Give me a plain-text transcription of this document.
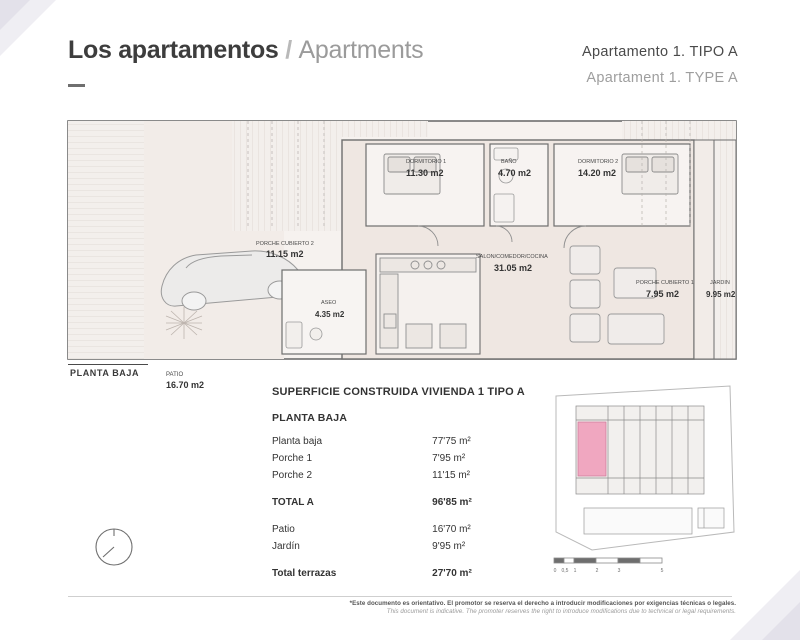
Los apartamentos / Apartments	Apartamento 1. TIPO A
Apartament 1. TYPE A
PATIO
16.70 m2
PORCHE CUBIERTO 2
11.15 m2
ASEO
4.35 m2
DORMITORIO 1
11.30 m2
BAÑO
4.70 m2
DORMITORIO 2
14.20 m2
SALON/COMEDOR/COCINA
31.05 m2
PORCHE CUBIERTO 1
7.95 m2
JARDIN
9.95 m2
PLANTA BAJA
SUPERFICIE CONSTRUIDA VIVIENDA 1 TIPO A
PLANTA BAJA
Planta baja	77'75 m²
Porche 1	7'95 m²
Porche 2	11'15 m²
TOTAL A	96'85 m²
Patio	16'70 m²
Jardín	9'95 m²
Total terrazas	27'70 m²	0 0,5 1	2	3	5
*Este documento es orientativo. El promotor se reserva el derecho a introducir modificaciones por exigencias técnicas o legales.
This document is indicative. The promoter reserves the right to introduce modifications due to technical or legal requirements.
